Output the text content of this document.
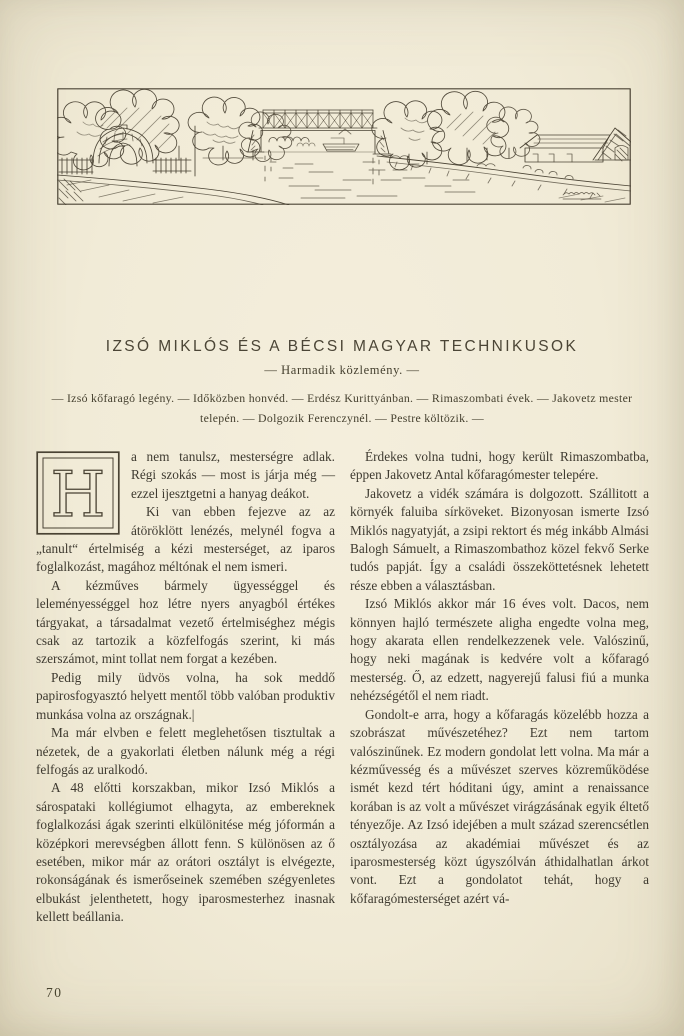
IZSÓ MIKLÓS ÉS A BÉCSI MAGYAR TECHNIKUSOK
— Harmadik közlemény. —
— Izsó kőfaragó legény. — Időközben honvéd. — Erdész Kurittyánban. — Rimaszombati évek. — Jakovetz mester
telepén. — Dolgozik Ferenczynél. — Pestre költözik. —

H
a nem tanulsz, mesterségre adlak. Régi szokás — most is járja még — ezzel ijesztgetni a hanyag deákot.

Ki van ebben fejezve az az átöröklött lenézés, melynél fogva a „tanult“ értelmiség a kézi mesterséget, az iparos foglalkozást, magához méltónak el nem ismeri.

A kézműves bármely ügyességgel és leleményességgel hoz létre nyers anyagból értékes tárgyakat, a társadalmat vezető értelmiséghez mégis csak az tartozik a közfelfogás szerint, ki más szerszámot, mint tollat nem forgat a kezében.

Pedig mily üdvös volna, ha sok meddő papirosfogyasztó helyett mentől több valóban produktiv munkása volna az országnak.|

Ma már elvben e felett meglehetősen tisztultak a nézetek, de a gyakorlati életben nálunk még a régi felfogás az uralkodó.

A 48 előtti korszakban, mikor Izsó Miklós a sárospataki kollégiumot elhagyta, az embereknek foglalkozási ágak szerinti elkülönitése még jóformán a középkori merevségben állott fenn. S különösen az ő esetében, mikor már az orátori osztályt is elvégezte, rokonságának és ismerőseinek szemében szégyenletes elbukást jelenthetett, hogy iparosmesterhez inasnak kellett beállania.

Érdekes volna tudni, hogy került Rimaszombatba, éppen Jakovetz Antal kőfaragómester telepére.

Jakovetz a vidék számára is dolgozott. Szállitott a környék faluiba sírköveket. Bizonyosan ismerte Izsó Miklós nagyatyját, a zsipi rektort és még inkább Almási Balogh Sámuelt, a Rimaszombathoz közel fekvő Serke tudós papját. Így a családi összeköttetésnek lehetett része ebben a választásban.

Izsó Miklós akkor már 16 éves volt. Dacos, nem könnyen hajló természete aligha engedte volna meg, hogy akarata ellen rendelkezzenek vele. Valószinű, hogy neki magának is kedvére volt a kőfaragó mesterség. Ő, az edzett, nagyerejű falusi fiú a munka nehézségétől el nem riadt.

Gondolt-e arra, hogy a kőfaragás közelébb hozza a szobrászat művészetéhez? Ezt nem tartom valószinűnek. Ez modern gondolat lett volna. Ma már a kézművesség és a művészet szerves közreműködése ismét kezd tért hóditani úgy, amint a renaissance korában is az volt a művészet virágzásának egyik éltető tényezője. Az Izsó idejében a mult század szerencsétlen osztályozása az akadémiai művészet és az iparosmesterség közt úgyszólván áthidalhatlan árkot vont. Ezt a gondolatot tehát, hogy a kőfaragómesterséget azért vá-

70
